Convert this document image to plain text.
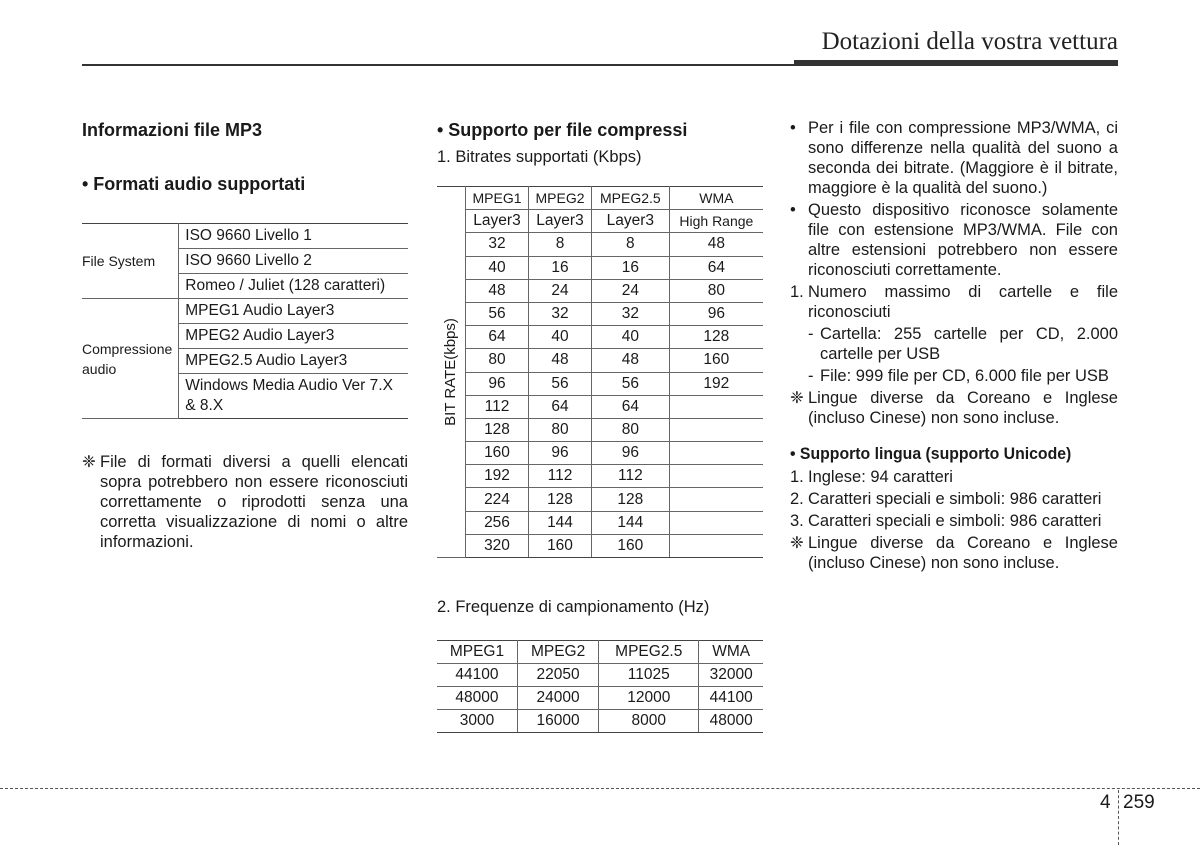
Dotazioni della vostra vettura

Informazioni file MP3

• Formati audio supportati

File System	ISO 9660 Livello 1
	ISO 9660 Livello 2
	Romeo / Juliet (128 caratteri)
Compressione audio	MPEG1 Audio Layer3
	MPEG2 Audio Layer3
	MPEG2.5 Audio Layer3
	Windows Media Audio Ver 7.X & 8.X
❈ File di formati diversi a quelli elencati sopra potrebbero non essere riconosciuti correttamente o riprodotti senza una corretta visualizzazione di nomi o altre informazioni.

• Supporto per file compressi

1. Bitrates supportati (Kbps)

BIT RATE(kbps)	MPEG1	MPEG2	MPEG2.5	WMA
	Layer3	Layer3	Layer3	High Range
	32	8	8	48
	40	16	16	64
	48	24	24	80
	56	32	32	96
	64	40	40	128
	80	48	48	160
	96	56	56	192
	112	64	64	
	128	80	80	
	160	96	96	
	192	112	112	
	224	128	128	
	256	144	144	
	320	160	160	

2. Frequenze di campionamento (Hz)

MPEG1	MPEG2	MPEG2.5	WMA
44100	22050	11025	32000
48000	24000	12000	44100
3000	16000	8000	48000
• Per i file con compressione MP3/WMA, ci sono differenze nella qualità del suono a seconda dei bitrate. (Maggiore è il bitrate, maggiore è la qualità del suono.)
• Questo dispositivo riconosce solamente file con estensione MP3/WMA. File con altre estensioni potrebbero non essere riconosciuti correttamente.
1. Numero massimo di cartelle e file riconosciuti
- Cartella: 255 cartelle per CD, 2.000 cartelle per USB
- File: 999 file per CD, 6.000 file per USB
❈ Lingue diverse da Coreano e Inglese (incluso Cinese) non sono incluse.

• Supporto lingua (supporto Unicode)

1. Inglese: 94 caratteri
2. Caratteri speciali e simboli: 986 caratteri
3. Caratteri speciali e simboli: 986 caratteri
❈ Lingue diverse da Coreano e Inglese (incluso Cinese) non sono incluse.
4 259
